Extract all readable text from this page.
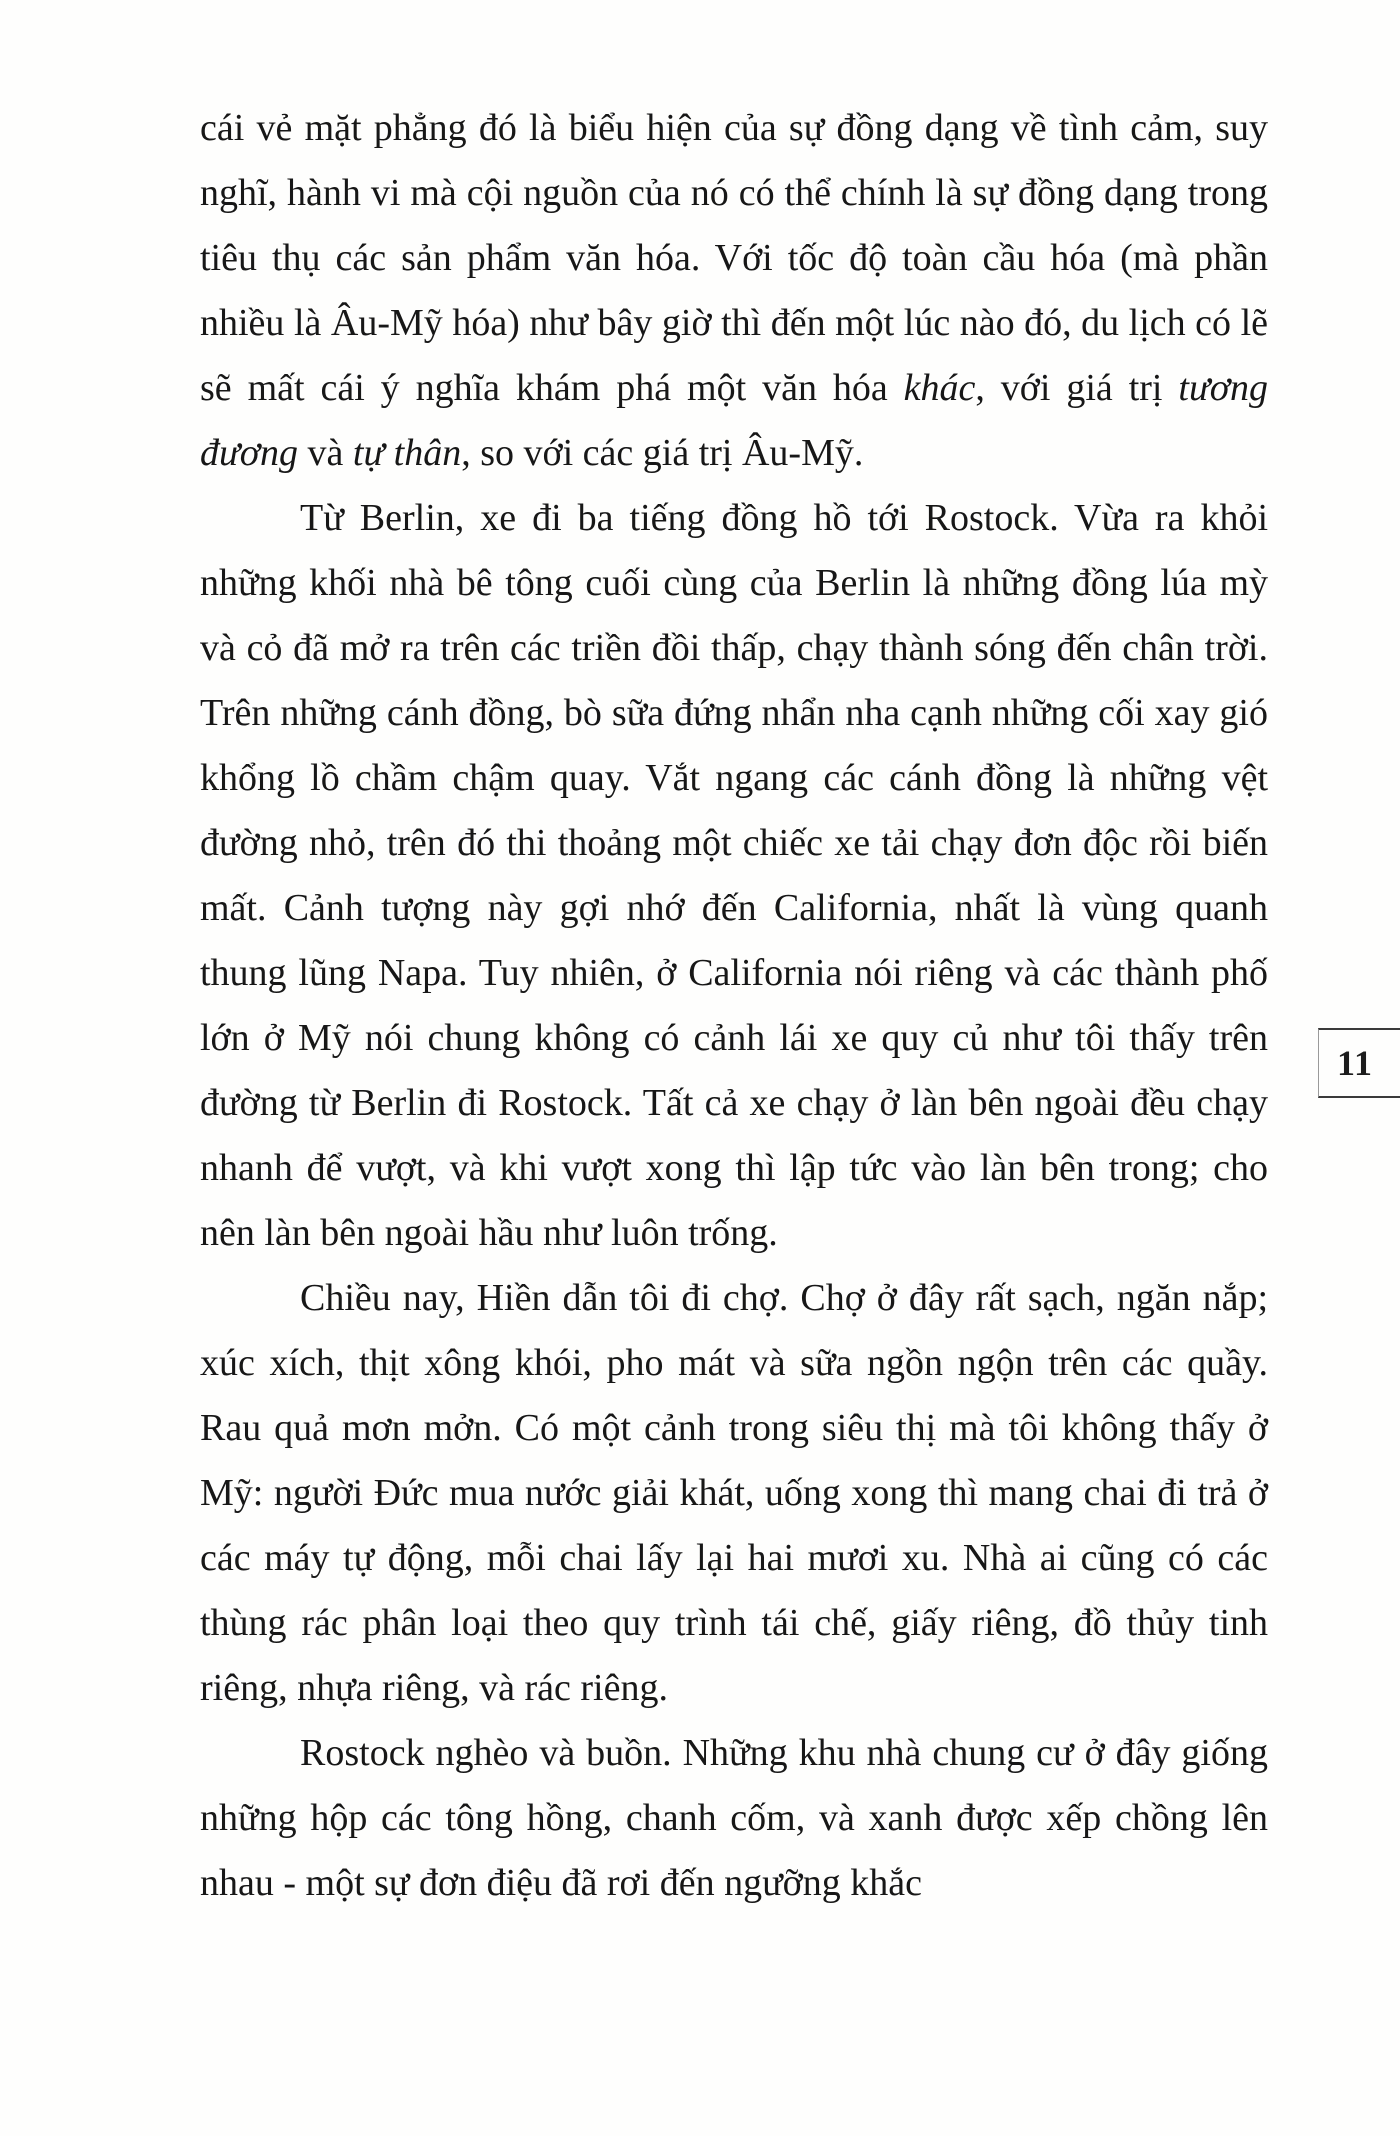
cái vẻ mặt phẳng đó là biểu hiện của sự đồng dạng về tình cảm, suy nghĩ, hành vi mà cội nguồn của nó có thể chính là sự đồng dạng trong tiêu thụ các sản phẩm văn hóa. Với tốc độ toàn cầu hóa (mà phần nhiều là Âu-Mỹ hóa) như bây giờ thì đến một lúc nào đó, du lịch có lẽ sẽ mất cái ý nghĩa khám phá một văn hóa khác, với giá trị tương đương và tự thân, so với các giá trị Âu-Mỹ.

Từ Berlin, xe đi ba tiếng đồng hồ tới Rostock. Vừa ra khỏi những khối nhà bê tông cuối cùng của Berlin là những đồng lúa mỳ và cỏ đã mở ra trên các triền đồi thấp, chạy thành sóng đến chân trời. Trên những cánh đồng, bò sữa đứng nhẩn nha cạnh những cối xay gió khổng lồ chầm chậm quay. Vắt ngang các cánh đồng là những vệt đường nhỏ, trên đó thi thoảng một chiếc xe tải chạy đơn độc rồi biến mất. Cảnh tượng này gợi nhớ đến California, nhất là vùng quanh thung lũng Napa. Tuy nhiên, ở California nói riêng và các thành phố lớn ở Mỹ nói chung không có cảnh lái xe quy củ như tôi thấy trên đường từ Berlin đi Rostock. Tất cả xe chạy ở làn bên ngoài đều chạy nhanh để vượt, và khi vượt xong thì lập tức vào làn bên trong; cho nên làn bên ngoài hầu như luôn trống.

Chiều nay, Hiền dẫn tôi đi chợ. Chợ ở đây rất sạch, ngăn nắp; xúc xích, thịt xông khói, pho mát và sữa ngồn ngộn trên các quầy. Rau quả mơn mởn. Có một cảnh trong siêu thị mà tôi không thấy ở Mỹ: người Đức mua nước giải khát, uống xong thì mang chai đi trả ở các máy tự động, mỗi chai lấy lại hai mươi xu. Nhà ai cũng có các thùng rác phân loại theo quy trình tái chế, giấy riêng, đồ thủy tinh riêng, nhựa riêng, và rác riêng.

Rostock nghèo và buồn. Những khu nhà chung cư ở đây giống những hộp các tông hồng, chanh cốm, và xanh được xếp chồng lên nhau - một sự đơn điệu đã rơi đến ngưỡng khắc

11
